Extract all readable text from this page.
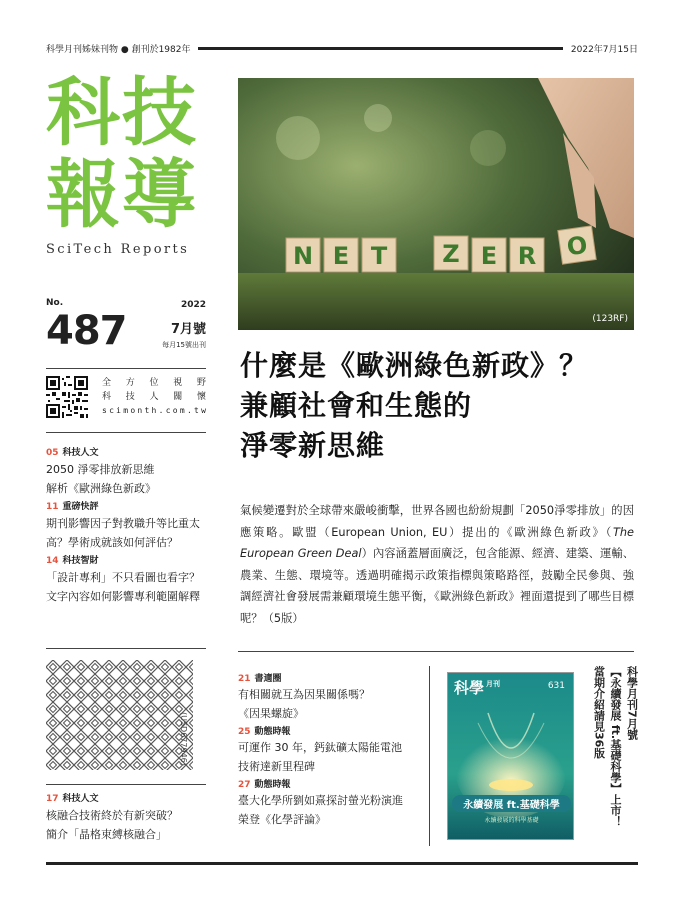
科學月刊姊妹刊物 ● 創刊於1982年	2022年7月15日
科技
報導
SciTech Reports
No.
487
2022
7月號
每月15號出刊
全 方 位 視 野
科 技 人 關 懷
s c i m o n t h . c o m . t w
05 科技人文

2050 淨零排放新思維

解析《歐洲綠色新政》

11 重磅快評

期刊影響因子對教職升等比重太高？學術成就該如何評估？

14 科技智財

「設計專利」不只看圖也看字？文字內容如何影響專利範圍解釋

(USD677946)
17 科技人文

核融合技術終於有新突破？

簡介「晶格束縛核融合」

N E T Z E R O
(123RF)
什麼是《歐洲綠色新政》？
兼顧社會和生態的
淨零新思維
氣候變遷對於全球帶來嚴峻衝擊，世界各國也紛紛規劃「2050淨零排放」的因應策略。歐盟（European Union, EU）提出的《歐洲綠色新政》（The European Green Deal）內容涵蓋層面廣泛，包含能源、經濟、建築、運輸、農業、生態、環境等。透過明確揭示政策指標與策略路徑，鼓勵全民參與、強調經濟社會發展需兼顧環境生態平衡，《歐洲綠色新政》裡面還提到了哪些目標呢？（5版）
21 書適圈

有相關就互為因果關係嗎？

《因果螺旋》

25 動態時報

可運作 30 年，鈣鈦礦太陽能電池

技術達新里程碑

27 動態時報

臺大化學所劉如熹探討螢光粉演進

榮登《化學評論》

科學 月刊	631
永續發展 ft.基礎科學
永續發展的科學基礎
科學月刊7月號
【永續發展 ft.基礎科學】上市！
當期介紹請見36版
